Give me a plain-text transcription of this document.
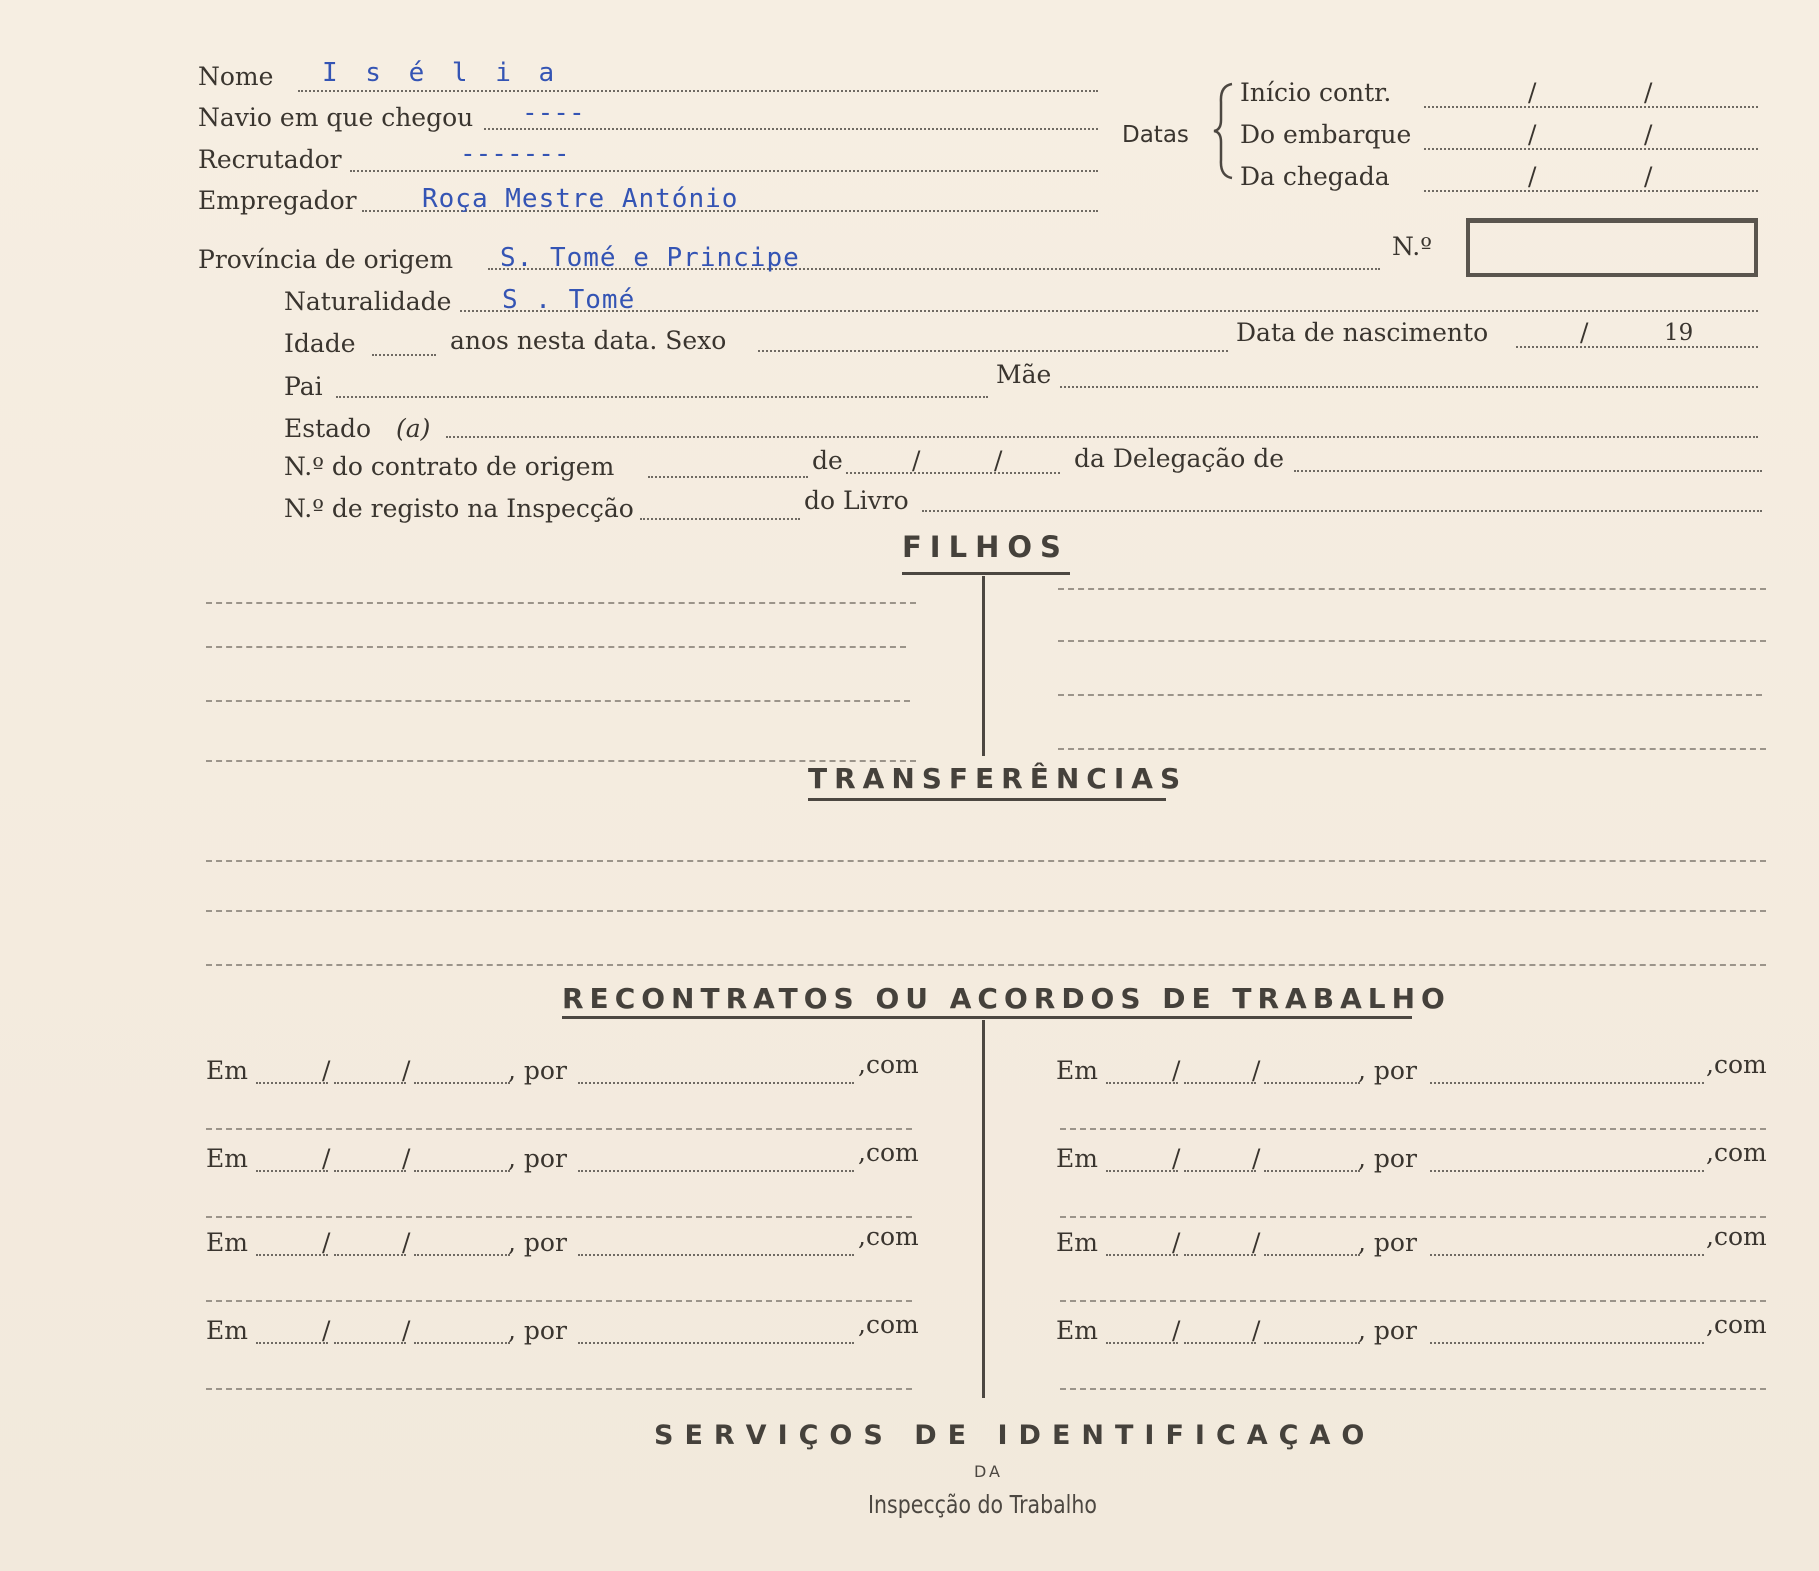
Nome I s é l i a
Navio em que chegou ----
Recrutador	-------
Empregador	Roça Mestre António
Datas
Início contr.	/	/
Do embarque	/	/
Da chegada	/	/
N.º
Província de origem S. Tomé e Principe
Naturalidade S . Tomé
Idade	anos nesta data. Sexo	Data de nascimento	/	19
Pai	Mãe
Estado (a)
N.º do contrato de origem	de	/	/	da Delegação de
N.º de registo na Inspecção	do Livro
FILHOS
TRANSFERÊNCIAS
RECONTRATOS OU ACORDOS DE TRABALHO
Em	/	/	, por	,com
Em	/	/	, por	,com
Em	/	/	, por	,com
Em	/	/	, por	,com
Em	/	/	, por	,com
Em	/	/	, por	,com
Em	/	/	, por	,com
Em	/	/	, por	,com
SERVIÇOS DE IDENTIFICAÇAO
DA
Inspecção do Trabalho
